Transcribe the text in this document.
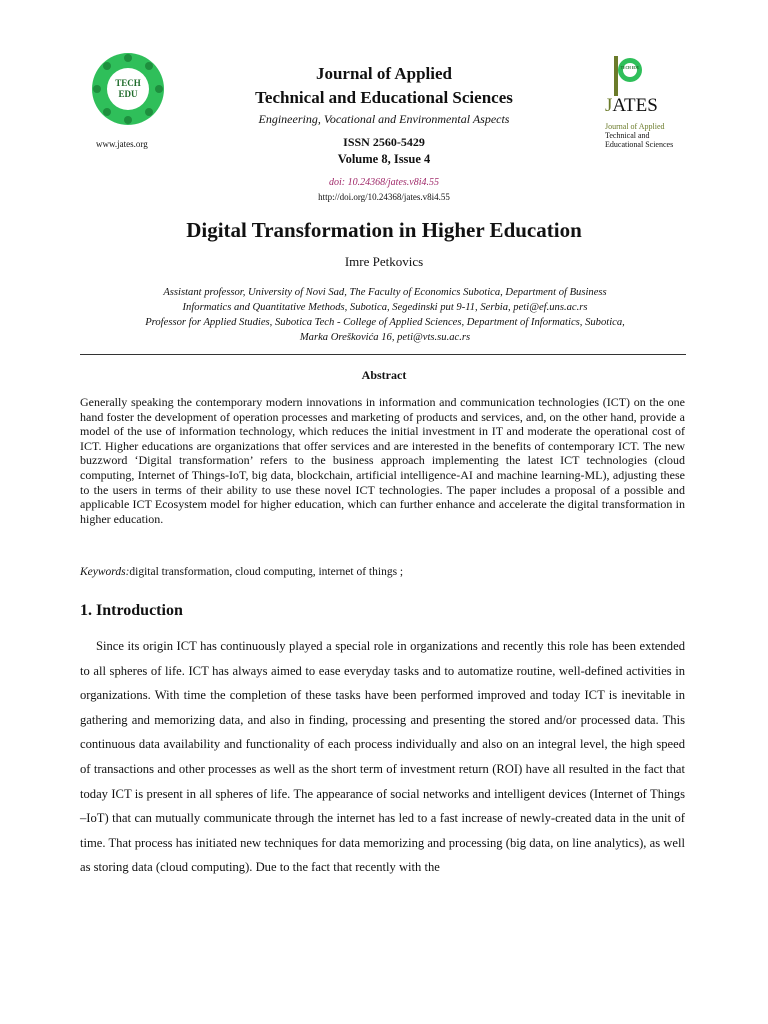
TECH
EDU
www.jates.org
Journal of Applied
Technical and Educational Sciences
Engineering, Vocational and Environmental Aspects
ISSN 2560-5429
Volume 8, Issue 4
doi: 10.24368/jates.v8i4.55
http://doi.org/10.24368/jates.v8i4.55
TECH EDU
JATES
Journal of Applied
Technical and
Educational Sciences
Digital Transformation in Higher Education
Imre Petkovics
Assistant professor, University of Novi Sad, The Faculty of Economics Subotica, Department of Business
Informatics and Quantitative Methods, Subotica, Segedinski put 9-11, Serbia, peti@ef.uns.ac.rs
Professor for Applied Studies, Subotica Tech - College of Applied Sciences, Department of Informatics, Subotica,
Marka Oreškovića 16, peti@vts.su.ac.rs
Abstract
Generally speaking the contemporary modern innovations in information and communication technologies (ICT) on the one hand foster the development of operation processes and marketing of products and services, and, on the other hand, provide a model of the use of information technology, which reduces the initial investment in IT and moderate the operational cost of ICT. Higher educations are organizations that offer services and are interested in the benefits of contemporary ICT. The new buzzword ‘Digital transformation’ refers to the business approach implementing the latest ICT technologies (cloud computing, Internet of Things-IoT, big data, blockchain, artificial intelligence-AI and machine learning-ML), adjusting these to the users in terms of their ability to use these novel ICT technologies. The paper includes a proposal of a possible and applicable ICT Ecosystem model for higher education, which can further enhance and accelerate the digital transformation in higher education.
Keywords:digital transformation, cloud computing, internet of things ;
1. Introduction
Since its origin ICT has continuously played a special role in organizations and recently this role has been extended to all spheres of life. ICT has always aimed to ease everyday tasks and to automatize routine, well-defined activities in organizations. With time the completion of these tasks have been performed improved and today ICT is inevitable in gathering and memorizing data, and also in finding, processing and presenting the stored and/or processed data. This continuous data availability and functionality of each process individually and also on an integral level, the high speed of transactions and other processes as well as the short term of investment return (ROI) have all resulted in the fact that today ICT is present in all spheres of life. The appearance of social networks and intelligent devices (Internet of Things –IoT) that can mutually communicate through the internet has led to a fast increase of newly-created data in the unit of time. That process has initiated new techniques for data memorizing and processing (big data, on line analytics), as well as storing data (cloud computing). Due to the fact that recently with the
